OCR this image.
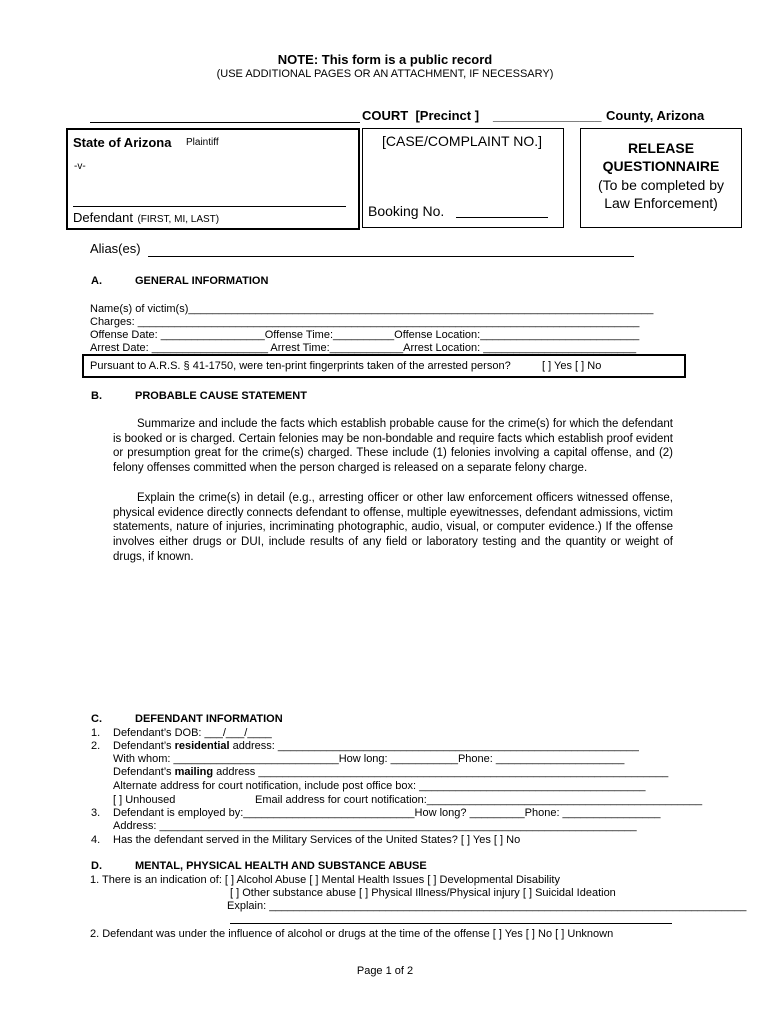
NOTE: This form is a public record
(USE ADDITIONAL PAGES OR AN ATTACHMENT, IF NECESSARY)
COURT [Precinct ] _______________ County, Arizona
State of Arizona Plaintiff
-v-
Defendant (FIRST, MI, LAST)
[CASE/COMPLAINT NO.]
Booking No.
RELEASE
QUESTIONNAIRE
(To be completed by
Law Enforcement)
Alias(es)
A.	GENERAL INFORMATION
Name(s) of victim(s)____________________________________________________________________________
Charges: __________________________________________________________________________________
Offense Date: _________________Offense Time:__________Offense Location:__________________________
Arrest Date: ___________________ Arrest Time:____________Arrest Location: _________________________
Pursuant to A.R.S. § 41-1750, were ten-print fingerprints taken of the arrested person?	[ ] Yes [ ] No
B.	PROBABLE CAUSE STATEMENT
Summarize and include the facts which establish probable cause for the crime(s) for which the defendant is booked or is charged. Certain felonies may be non-bondable and require facts which establish proof evident or presumption great for the crime(s) charged. These include (1) felonies involving a capital offense, and (2) felony offenses committed when the person charged is released on a separate felony charge.
Explain the crime(s) in detail (e.g., arresting officer or other law enforcement officers witnessed offense, physical evidence directly connects defendant to offense, multiple eyewitnesses, defendant admissions, victim statements, nature of injuries, incriminating photographic, audio, visual, or computer evidence.) If the offense involves either drugs or DUI, include results of any field or laboratory testing and the quantity or weight of drugs, if known.
C.	DEFENDANT INFORMATION
1. Defendant’s DOB: ___/___/____
2. Defendant’s residential address: ___________________________________________________________
With whom: ___________________________How long: ___________Phone: _____________________
Defendant’s mailing address ___________________________________________________________________
Alternate address for court notification, include post office box: _____________________________________
[ ] Unhoused	Email address for court notification:_____________________________________________
3. Defendant is employed by:____________________________How long? _________Phone: ________________
Address: ______________________________________________________________________________
4. Has the defendant served in the Military Services of the United States? [ ] Yes [ ] No
D.	MENTAL, PHYSICAL HEALTH AND SUBSTANCE ABUSE
1. There is an indication of: [ ] Alcohol Abuse [ ] Mental Health Issues [ ] Developmental Disability
[ ] Other substance abuse [ ] Physical Illness/Physical injury [ ] Suicidal Ideation
Explain: ______________________________________________________________________________
2. Defendant was under the influence of alcohol or drugs at the time of the offense [ ] Yes [ ] No [ ] Unknown
Page 1 of 2
